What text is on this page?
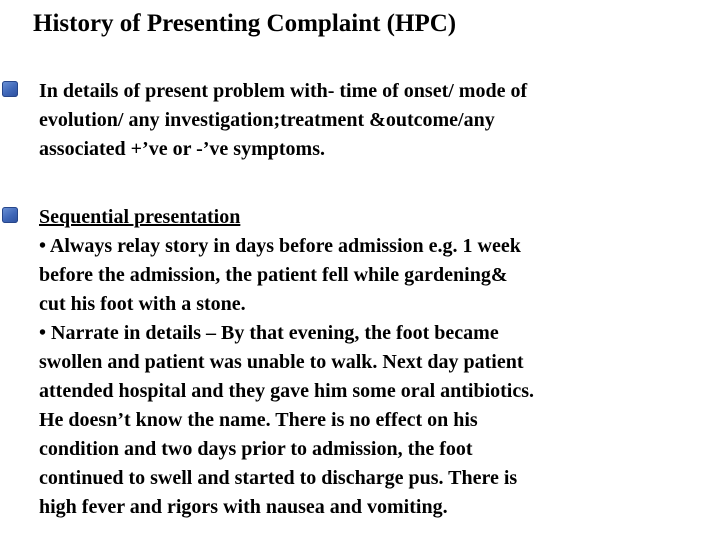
History of Presenting Complaint (HPC)

In details of present problem with- time of onset/ mode of
evolution/ any investigation;treatment &outcome/any
associated +’ve or -’ve symptoms.

Sequential presentation
• Always relay story in days before admission e.g. 1 week
before the admission, the patient fell while gardening&
cut his foot with a stone.
• Narrate in details – By that evening, the foot became
swollen and patient was unable to walk. Next day patient
attended hospital and they gave him some oral antibiotics.
He doesn’t know the name. There is no effect on his
condition and two days prior to admission, the foot
continued to swell and started to discharge pus. There is
high fever and rigors with nausea and vomiting.
